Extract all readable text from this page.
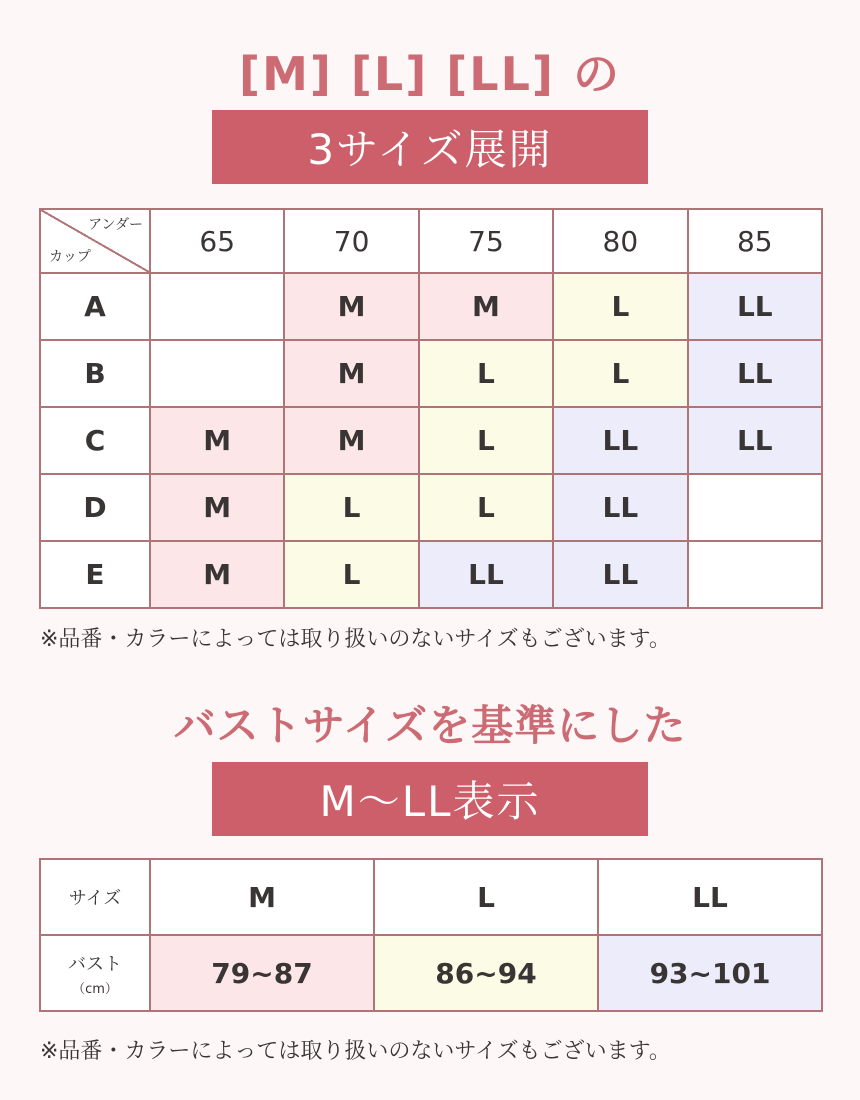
[M] [L] [LL] の
3サイズ展開
アンダー
カップ	65	70	75	80	85
A		M	M	L	LL
B		M	L	L	LL
C	M	M	L	LL	LL
D	M	L	L	LL	
E	M	L	LL	LL	
※品番・カラーによっては取り扱いのないサイズもございます。
バストサイズを基準にした
M〜LL表示
サイズ	M	L	LL
バスト
（cm）	79~87	86~94	93~101
※品番・カラーによっては取り扱いのないサイズもございます。
